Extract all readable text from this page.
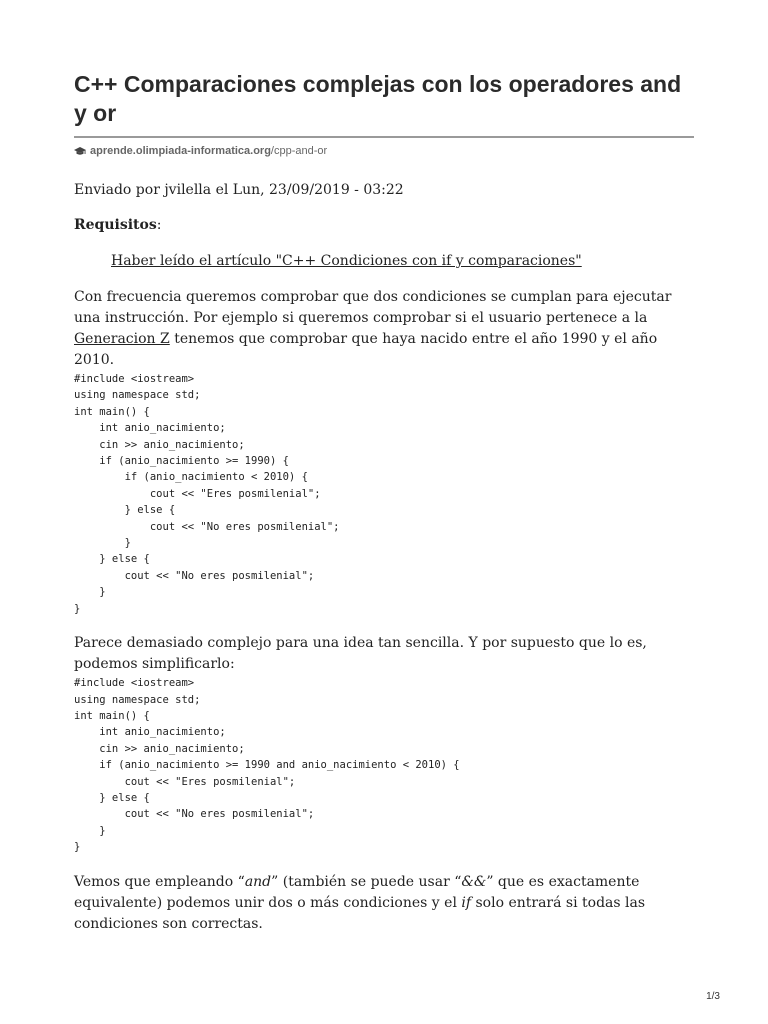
C++ Comparaciones complejas con los operadores and y or
aprende.olimpiada-informatica.org /cpp-and-or
Enviado por jvilella el Lun, 23/09/2019 - 03:22
Requisitos:
Haber leído el artículo "C++ Condiciones con if y comparaciones"
Con frecuencia queremos comprobar que dos condiciones se cumplan para ejecutar una instrucción. Por ejemplo si queremos comprobar si el usuario pertenece a la Generacion Z tenemos que comprobar que haya nacido entre el año 1990 y el año 2010.
#include <iostream>
using namespace std;
int main() {
int anio_nacimiento;
cin >> anio_nacimiento;
if (anio_nacimiento >= 1990) {
if (anio_nacimiento < 2010) {
cout << "Eres posmilenial";
} else {
cout << "No eres posmilenial";
}
} else {
cout << "No eres posmilenial";
}
}
Parece demasiado complejo para una idea tan sencilla. Y por supuesto que lo es, podemos simplificarlo:
#include <iostream>
using namespace std;
int main() {
int anio_nacimiento;
cin >> anio_nacimiento;
if (anio_nacimiento >= 1990 and anio_nacimiento < 2010) {
cout << "Eres posmilenial";
} else {
cout << "No eres posmilenial";
}
}
Vemos que empleando “and” (también se puede usar “&&” que es exactamente equivalente) podemos unir dos o más condiciones y el if solo entrará si todas las condiciones son correctas.
1/3
